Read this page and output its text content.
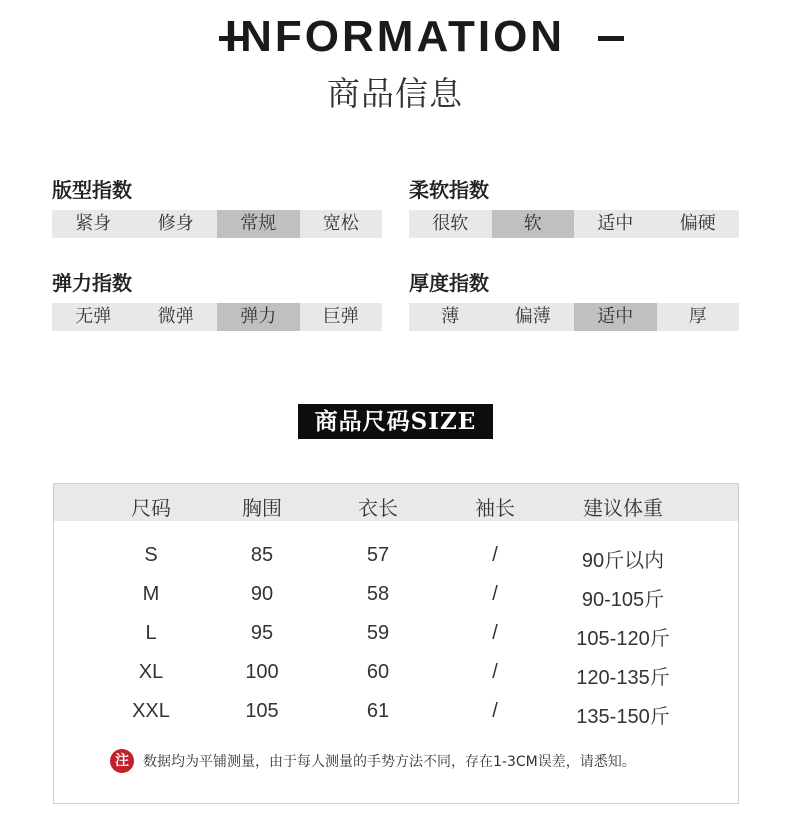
INFORMATION
商品信息
版型指数
紧身	修身	常规	宽松
柔软指数
很软	软	适中	偏硬
弹力指数
无弹	微弹	弹力	巨弹
厚度指数
薄	偏薄	适中	厚
商品尺码SIZE
尺码	胸围	衣长	袖长	建议体重
S	85	57	/	90斤以内
M	90	58	/	90-105斤
L	95	59	/	105-120斤
XL	100	60	/	120-135斤
XXL	105	61	/	135-150斤
注	数据均为平铺测量，由于每人测量的手势方法不同，存在1-3CM误差，请悉知。
